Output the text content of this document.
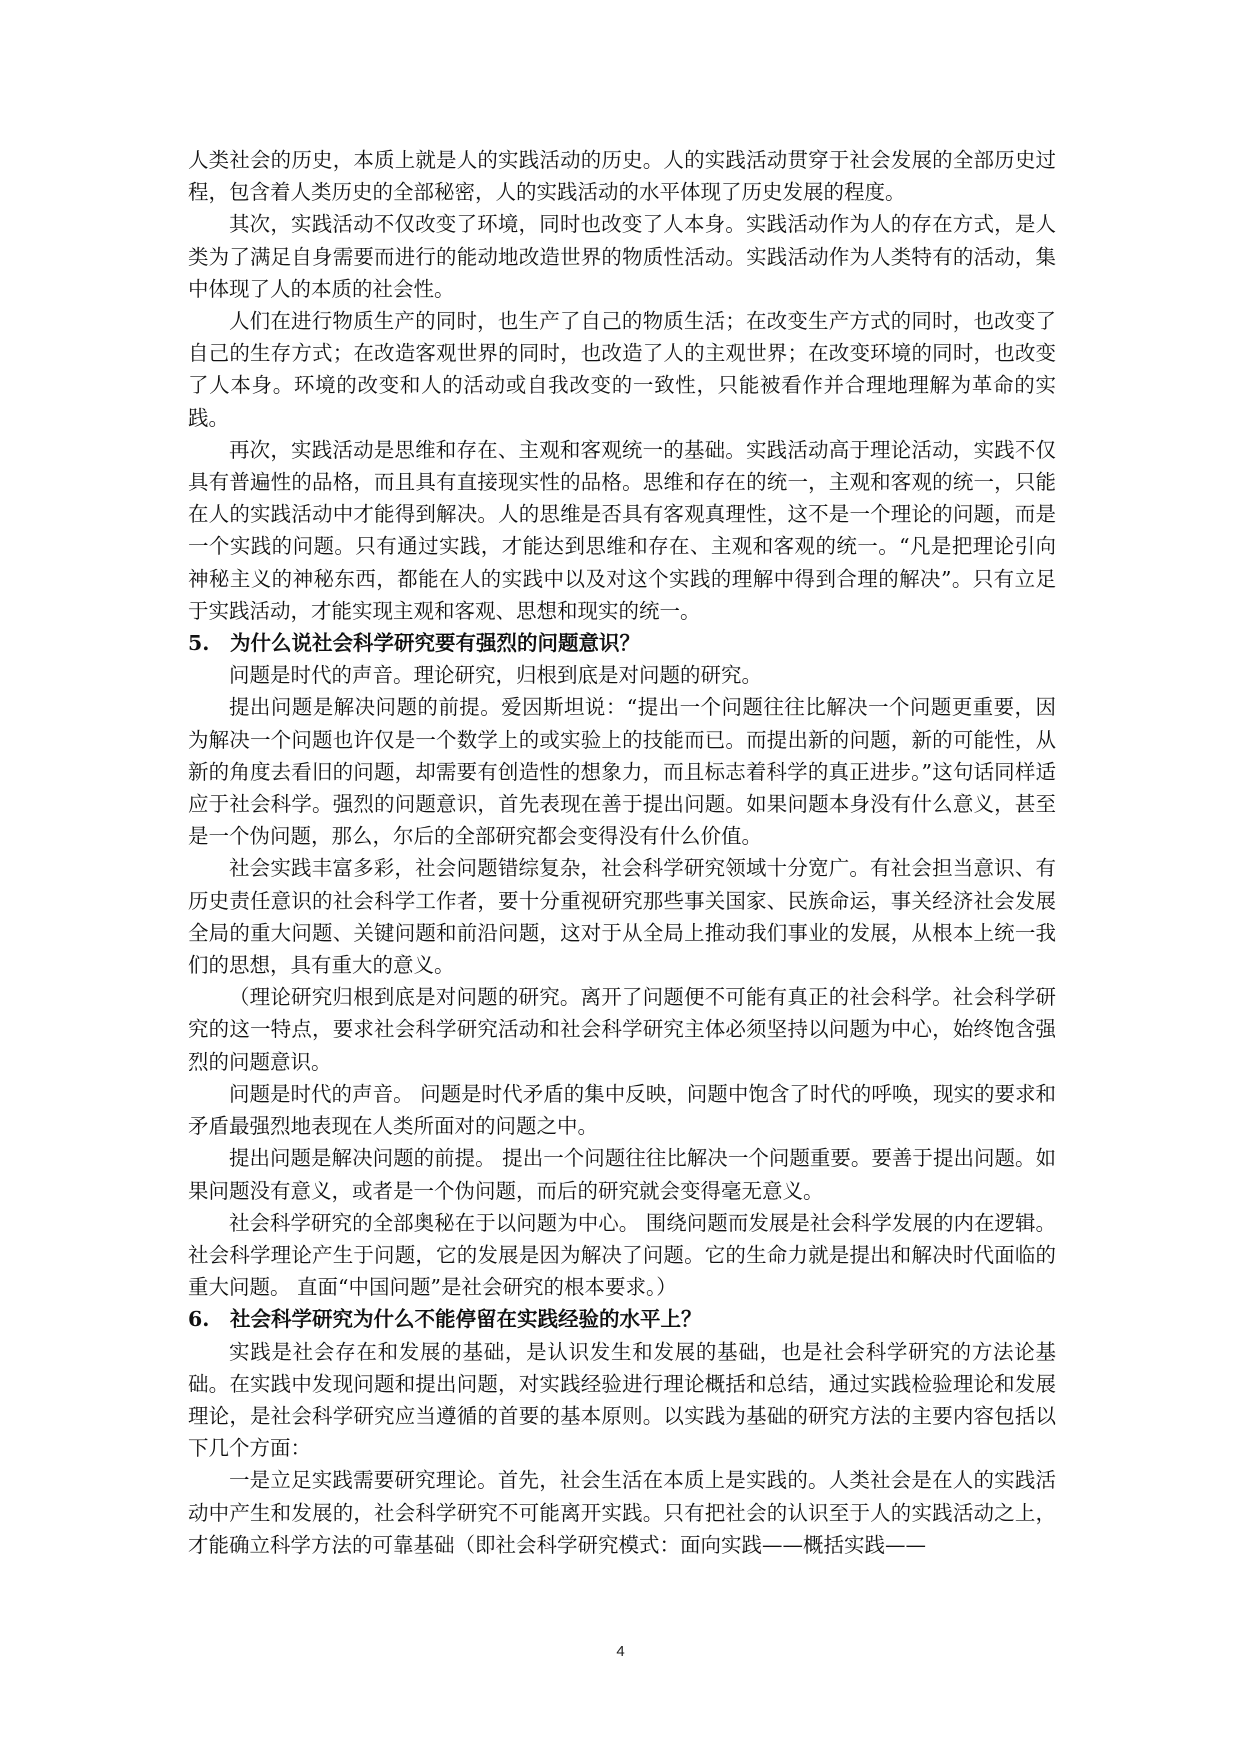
人类社会的历史，本质上就是人的实践活动的历史。人的实践活动贯穿于社会发展的全部历史过程，包含着人类历史的全部秘密，人的实践活动的水平体现了历史发展的程度。

其次，实践活动不仅改变了环境，同时也改变了人本身。实践活动作为人的存在方式，是人类为了满足自身需要而进行的能动地改造世界的物质性活动。实践活动作为人类特有的活动，集中体现了人的本质的社会性。

人们在进行物质生产的同时，也生产了自己的物质生活；在改变生产方式的同时，也改变了自己的生存方式；在改造客观世界的同时，也改造了人的主观世界；在改变环境的同时，也改变了人本身。环境的改变和人的活动或自我改变的一致性，只能被看作并合理地理解为革命的实践。

再次，实践活动是思维和存在、主观和客观统一的基础。实践活动高于理论活动，实践不仅具有普遍性的品格，而且具有直接现实性的品格。思维和存在的统一，主观和客观的统一，只能在人的实践活动中才能得到解决。人的思维是否具有客观真理性，这不是一个理论的问题，而是一个实践的问题。只有通过实践，才能达到思维和存在、主观和客观的统一。“凡是把理论引向神秘主义的神秘东西，都能在人的实践中以及对这个实践的理解中得到合理的解决”。只有立足于实践活动，才能实现主观和客观、思想和现实的统一。

5.	为什么说社会科学研究要有强烈的问题意识？

问题是时代的声音。理论研究，归根到底是对问题的研究。

提出问题是解决问题的前提。爱因斯坦说：“提出一个问题往往比解决一个问题更重要，因为解决一个问题也许仅是一个数学上的或实验上的技能而已。而提出新的问题，新的可能性，从新的角度去看旧的问题，却需要有创造性的想象力，而且标志着科学的真正进步。”这句话同样适应于社会科学。强烈的问题意识，首先表现在善于提出问题。如果问题本身没有什么意义，甚至是一个伪问题，那么，尔后的全部研究都会变得没有什么价值。

社会实践丰富多彩，社会问题错综复杂，社会科学研究领域十分宽广。有社会担当意识、有历史责任意识的社会科学工作者，要十分重视研究那些事关国家、民族命运，事关经济社会发展全局的重大问题、关键问题和前沿问题，这对于从全局上推动我们事业的发展，从根本上统一我们的思想，具有重大的意义。

（理论研究归根到底是对问题的研究。离开了问题便不可能有真正的社会科学。社会科学研究的这一特点，要求社会科学研究活动和社会科学研究主体必须坚持以问题为中心，始终饱含强烈的问题意识。

问题是时代的声音。 问题是时代矛盾的集中反映，问题中饱含了时代的呼唤，现实的要求和矛盾最强烈地表现在人类所面对的问题之中。

提出问题是解决问题的前提。 提出一个问题往往比解决一个问题重要。要善于提出问题。如果问题没有意义，或者是一个伪问题，而后的研究就会变得毫无意义。

社会科学研究的全部奥秘在于以问题为中心。 围绕问题而发展是社会科学发展的内在逻辑。社会科学理论产生于问题，它的发展是因为解决了问题。它的生命力就是提出和解决时代面临的重大问题。 直面“中国问题”是社会研究的根本要求。）

6.	社会科学研究为什么不能停留在实践经验的水平上？

实践是社会存在和发展的基础，是认识发生和发展的基础，也是社会科学研究的方法论基础。在实践中发现问题和提出问题，对实践经验进行理论概括和总结，通过实践检验理论和发展理论，是社会科学研究应当遵循的首要的基本原则。以实践为基础的研究方法的主要内容包括以下几个方面：

一是立足实践需要研究理论。首先，社会生活在本质上是实践的。人类社会是在人的实践活动中产生和发展的，社会科学研究不可能离开实践。只有把社会的认识至于人的实践活动之上，才能确立科学方法的可靠基础（即社会科学研究模式：面向实践——概括实践——

4
